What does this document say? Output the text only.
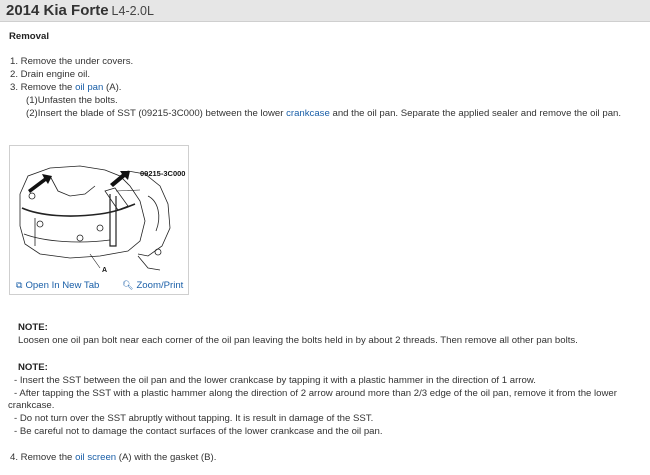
2014 Kia Forte L4-2.0L
Removal
1. Remove the under covers.
2. Drain engine oil.
3. Remove the oil pan (A).
(1)Unfasten the bolts.
(2)Insert the blade of SST (09215-3C000) between the lower crankcase and the oil pan. Separate the applied sealer and remove the oil pan.
09215-3C000
A
⧉ Open In New Tab	🔍︎ Zoom/Print
NOTE:
Loosen one oil pan bolt near each corner of the oil pan leaving the bolts held in by about 2 threads. Then remove all other pan bolts.
NOTE:
- Insert the SST between the oil pan and the lower crankcase by tapping it with a plastic hammer in the direction of 1 arrow.
- After tapping the SST with a plastic hammer along the direction of 2 arrow around more than 2/3 edge of the oil pan, remove it from the lower
crankcase.
- Do not turn over the SST abruptly without tapping. It is result in damage of the SST.
- Be careful not to damage the contact surfaces of the lower crankcase and the oil pan.
4. Remove the oil screen (A) with the gasket (B).
